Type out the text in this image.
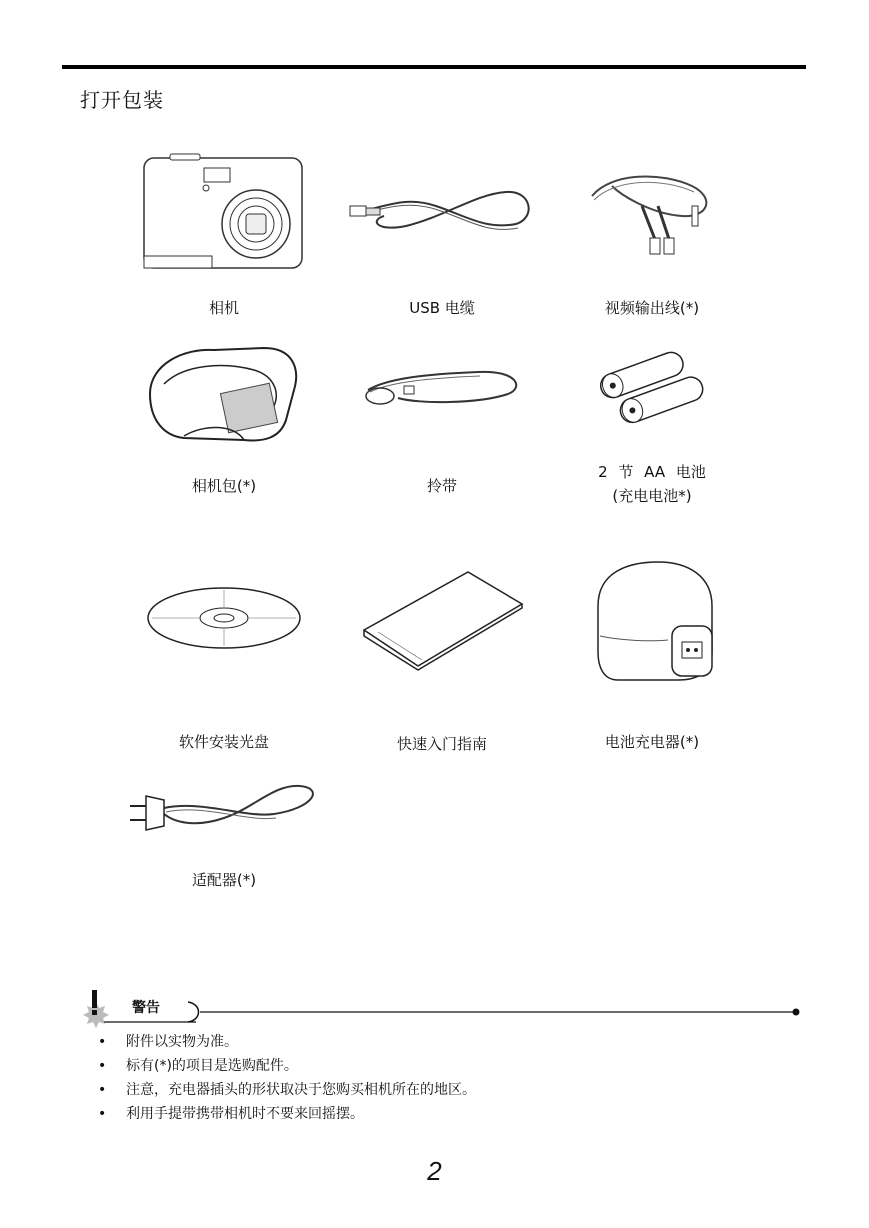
打开包装
相机	USB 电缆	视频输出线(*)
相机包(*)	拎带
2 节 AA 电池
(充电电池*)
软件安装光盘	快速入门指南	电池充电器(*)
适配器(*)
警告
• 附件以实物为准。
• 标有(*)的项目是选购配件。
• 注意，充电器插头的形状取决于您购买相机所在的地区。
• 利用手提带携带相机时不要来回摇摆。
2
